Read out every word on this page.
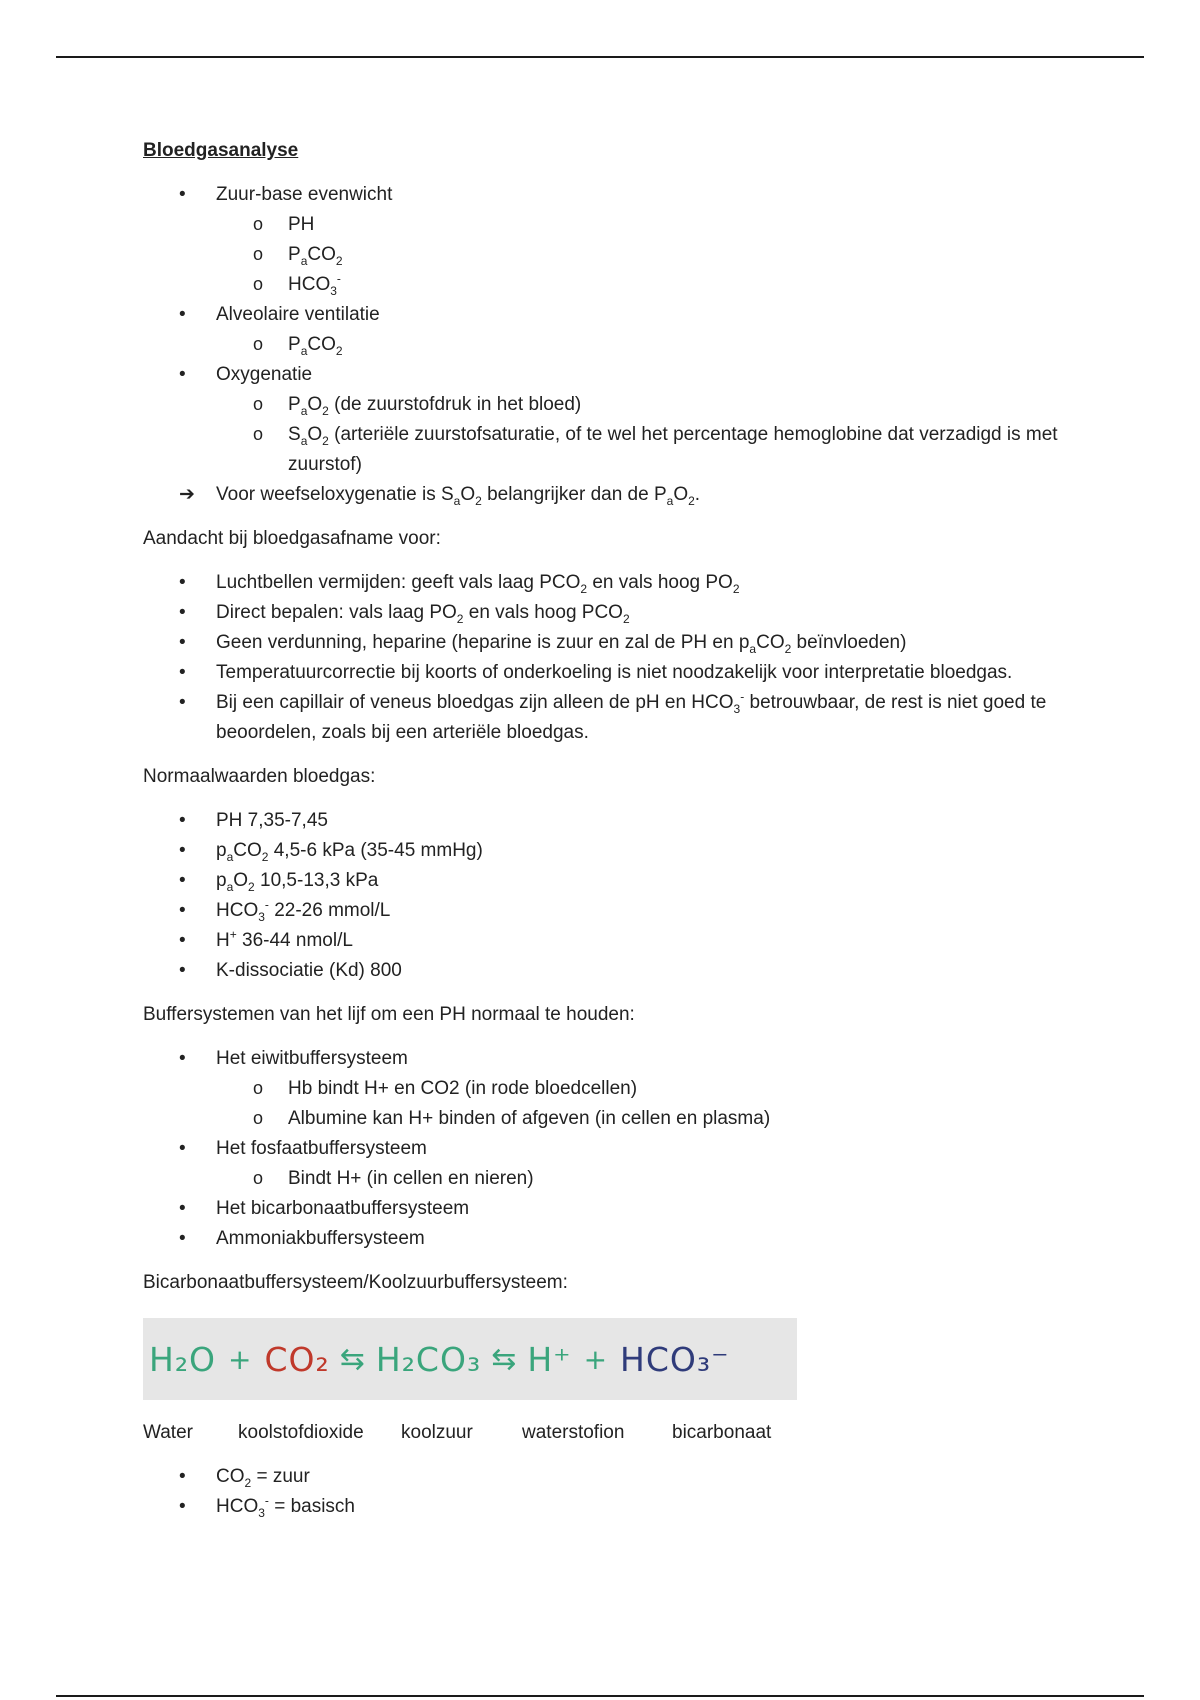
Bloedgasanalyse
• Zuur-base evenwicht
o PH
o $P_aCO_2$
o $HCO_3^-$
• Alveolaire ventilatie
o $P_aCO_2$
• Oxygenatie
o $P_aO_2$ (de zuurstofdruk in het bloed)
o $S_aO_2$ (arteriële zuurstofsaturatie, of te wel het percentage hemoglobine dat verzadigd is met zuurstof)
➔ Voor weefseloxygenatie is $S_aO_2$ belangrijker dan de $P_aO_2$.
Aandacht bij bloedgasafname voor:
• Luchtbellen vermijden: geeft vals laag $PCO_2$ en vals hoog $PO_2$
• Direct bepalen: vals laag $PO_2$ en vals hoog $PCO_2$
• Geen verdunning, heparine (heparine is zuur en zal de PH en $p_aCO_2$ beïnvloeden)
• Temperatuurcorrectie bij koorts of onderkoeling is niet noodzakelijk voor interpretatie bloedgas.
• Bij een capillair of veneus bloedgas zijn alleen de pH en $HCO_3^-$ betrouwbaar, de rest is niet goed te beoordelen, zoals bij een arteriële bloedgas.
Normaalwaarden bloedgas:
• PH 7,35-7,45
• $p_aCO_2$ 4,5-6 kPa (35-45 mmHg)
• $p_aO_2$ 10,5-13,3 kPa
• $HCO_3^-$ 22-26 mmol/L
• H+ 36-44 nmol/L
• K-dissociatie (Kd) 800
Buffersystemen van het lijf om een PH normaal te houden:
• Het eiwitbuffersysteem
o Hb bindt H+ en CO2 (in rode bloedcellen)
o Albumine kan H+ binden of afgeven (in cellen en plasma)
• Het fosfaatbuffersysteem
o Bindt H+ (in cellen en nieren)
• Het bicarbonaatbuffersysteem
• Ammoniakbuffersysteem
Bicarbonaatbuffersysteem/Koolzuurbuffersysteem:
H₂O + CO₂ ⇆ H₂CO₃ ⇆ H⁺ + HCO₃⁻
Water koolstofdioxide koolzuur	waterstofion	bicarbonaat
• $CO_2$ = zuur
• $HCO_3^-$ = basisch
